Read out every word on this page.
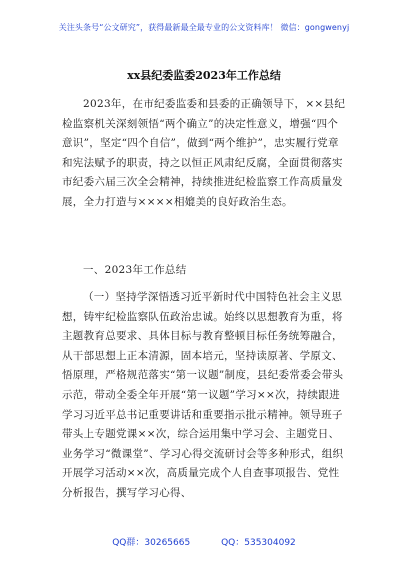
关注头条号“公文研究”，获得最新最全最专业的公文资料库！ 微信：gongwenyj
xx县纪委监委2023年工作总结

2023年，在市纪委监委和县委的正确领导下，××县纪检监察机关深刻领悟“两个确立”的决定性意义，增强“四个意识”，坚定“四个自信”，做到“两个维护”，忠实履行党章和宪法赋予的职责，持之以恒正风肃纪反腐，全面贯彻落实市纪委六届三次全会精神，持续推进纪检监察工作高质量发展，全力打造与××××相媲美的良好政治生态。

一、2023年工作总结

（一）坚持学深悟透习近平新时代中国特色社会主义思想，铸牢纪检监察队伍政治忠诚。始终以思想教育为重，将主题教育总要求、具体目标与教育整顿目标任务统筹融合，从干部思想上正本清源，固本培元，坚持读原著、学原文、悟原理，严格规范落实“第一议题”制度，县纪委常委会带头示范，带动全委全年开展“第一议题”学习××次，持续跟进学习习近平总书记重要讲话和重要指示批示精神。领导班子带头上专题党课××次，综合运用集中学习会、主题党日、业务学习“微课堂”、学习心得交流研讨会等多种形式，组织开展学习活动××次，高质量完成个人自查事项报告、党性分析报告，撰写学习心得、

QQ群：30265665	QQ：535304092
